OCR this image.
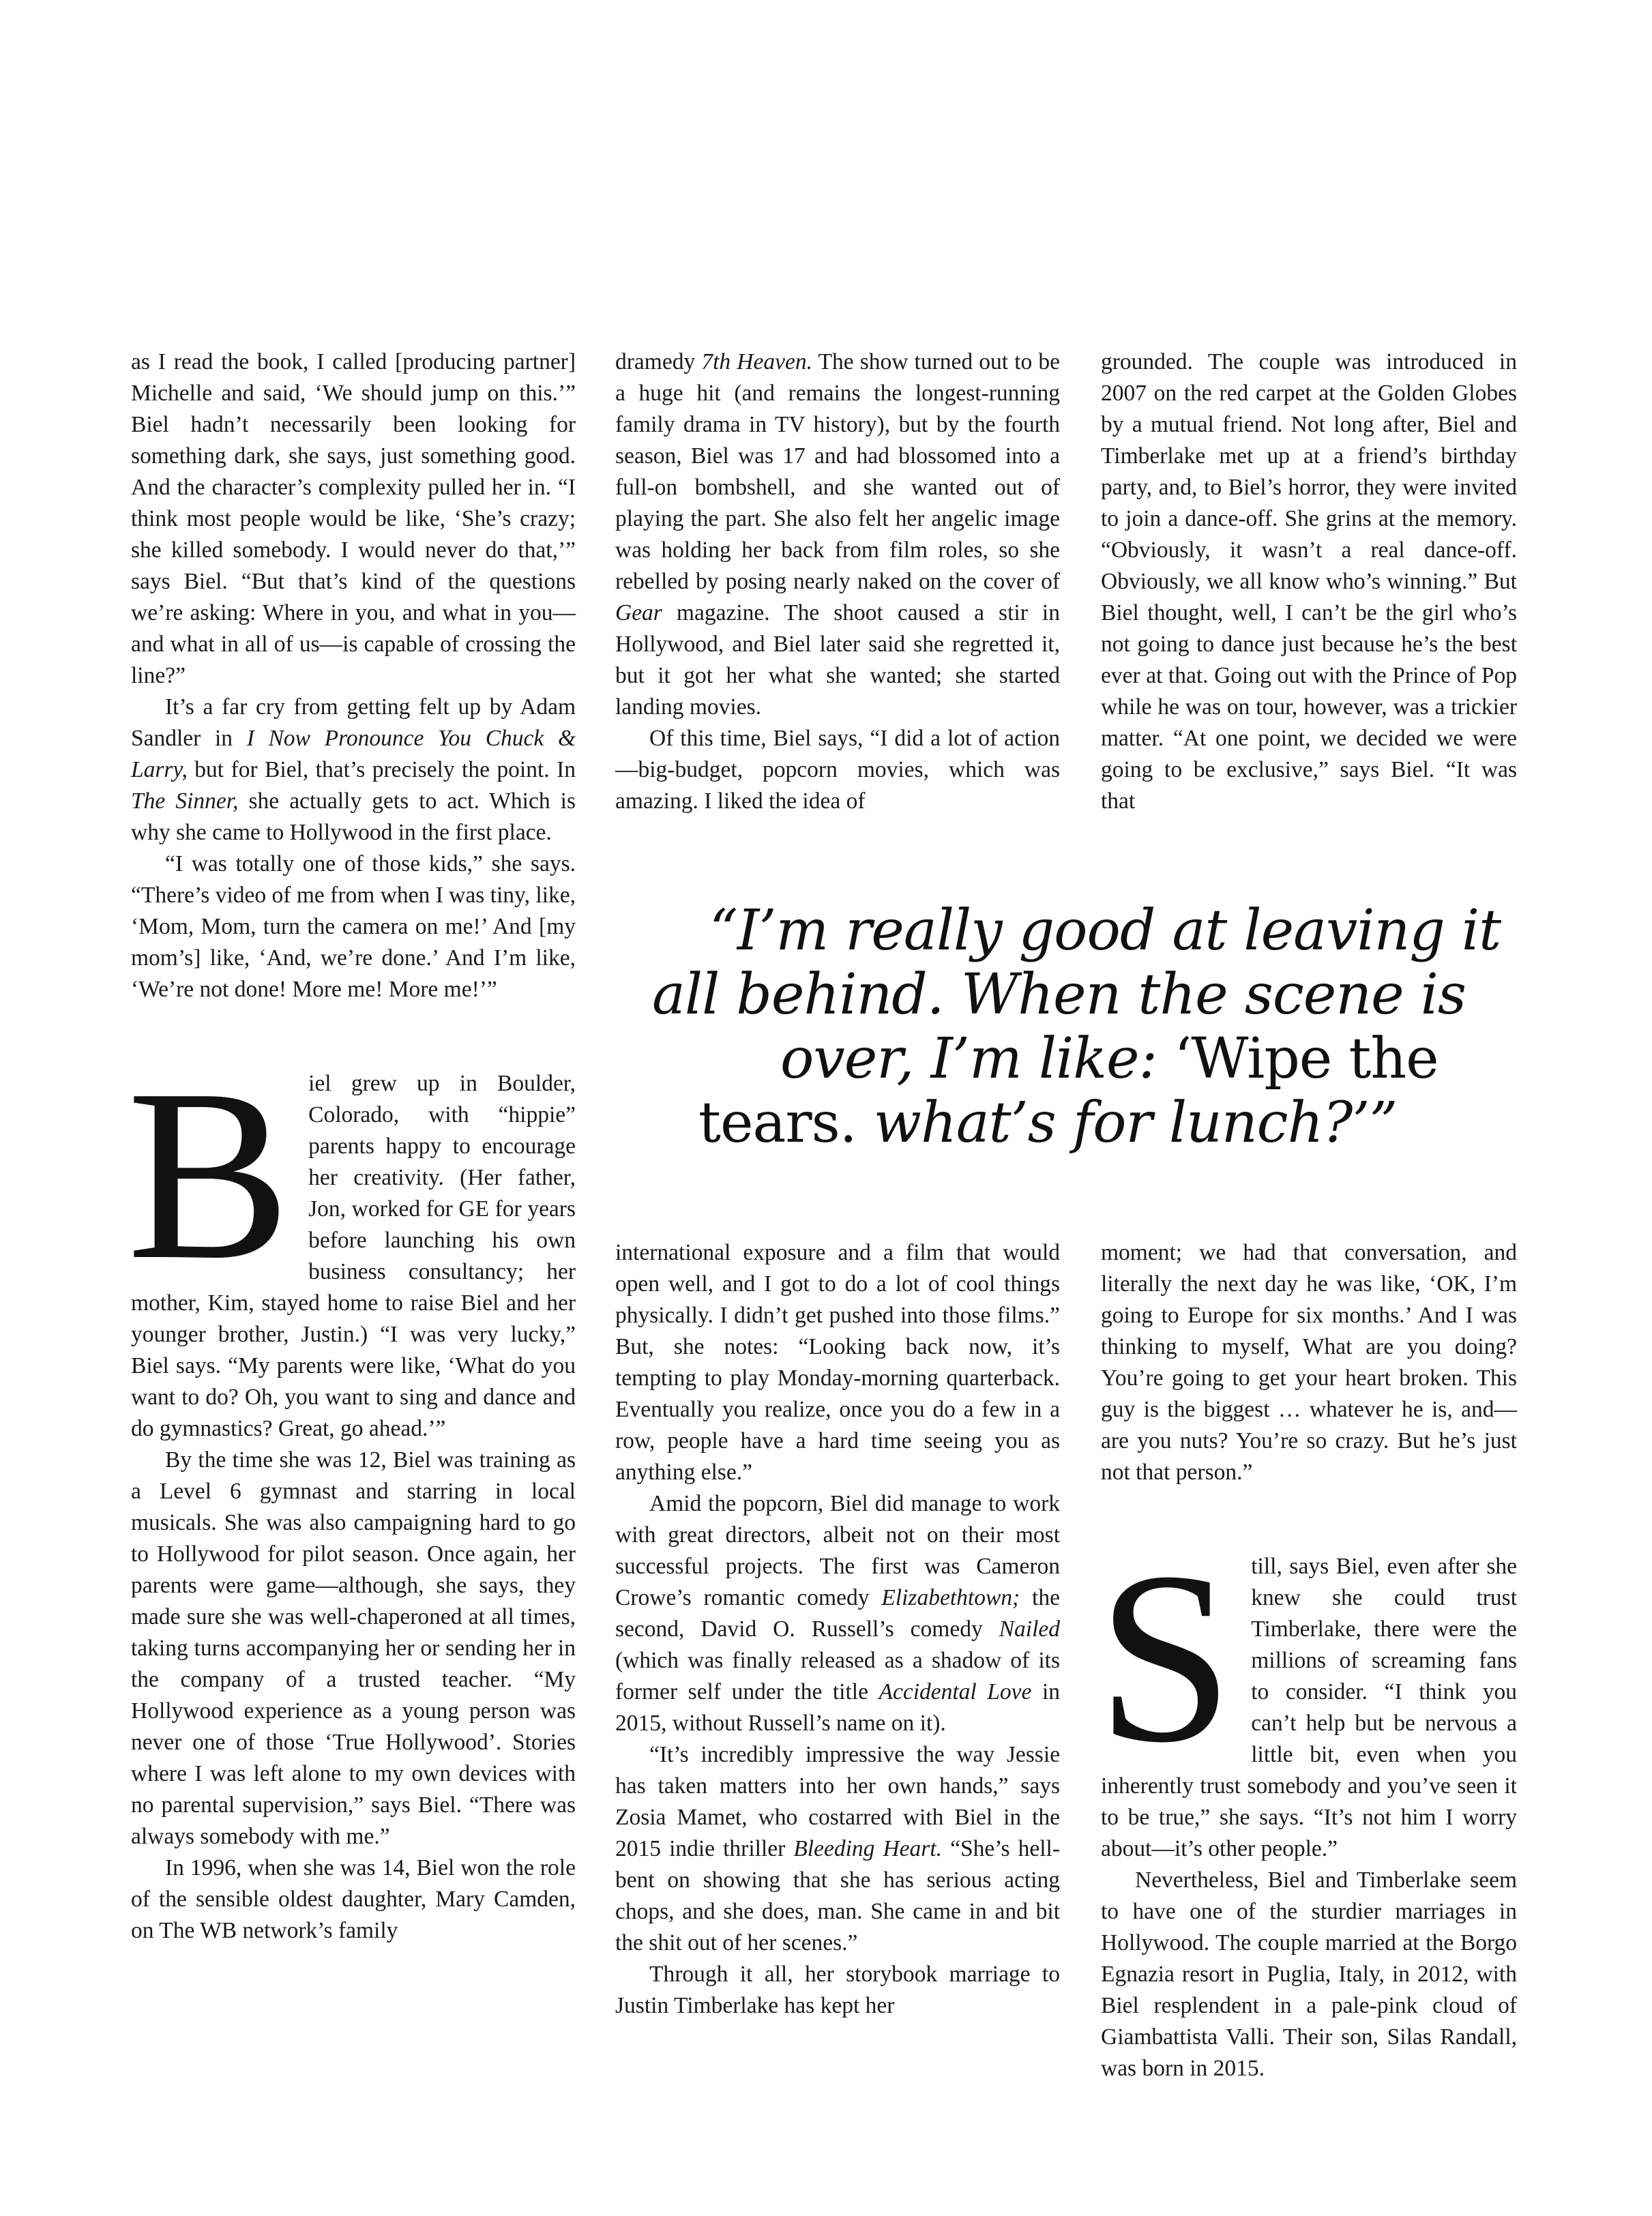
as I read the book, I called [producing partner] Michelle and said, ‘We should jump on this.’” Biel hadn’t necessarily been looking for something dark, she says, just something good. And the character’s complexity pulled her in. “I think most people would be like, ‘She’s crazy; she killed somebody. I would never do that,’” says Biel. “But that’s kind of the questions we’re asking: Where in you, and what in you—and what in all of us—is capable of crossing the line?”

It’s a far cry from getting felt up by Adam Sandler in I Now Pronounce You Chuck & Larry, but for Biel, that’s precisely the point. In The Sinner, she actually gets to act. Which is why she came to Hollywood in the first place.

“I was totally one of those kids,” she says. “There’s video of me from when I was tiny, like, ‘Mom, Mom, turn the camera on me!’ And [my mom’s] like, ‘And, we’re done.’ And I’m like, ‘We’re not done! More me! More me!’”

Biel grew up in Boulder, Colorado, with “hippie” parents happy to encourage her creativity. (Her father, Jon, worked for GE for years before launching his own business consultancy; her mother, Kim, stayed home to raise Biel and her younger brother, Justin.) “I was very lucky,” Biel says. “My parents were like, ‘What do you want to do? Oh, you want to sing and dance and do gymnastics? Great, go ahead.’”

By the time she was 12, Biel was training as a Level 6 gymnast and starring in local musicals. She was also campaigning hard to go to Hollywood for pilot season. Once again, her parents were game—although, she says, they made sure she was well-chaperoned at all times, taking turns accompanying her or sending her in the company of a trusted teacher. “My Hollywood experience as a young person was never one of those ‘True Hollywood’. Stories where I was left alone to my own devices with no parental supervision,” says Biel. “There was always somebody with me.”

In 1996, when she was 14, Biel won the role of the sensible oldest daughter, Mary Camden, on The WB network’s family

dramedy 7th Heaven. The show turned out to be a huge hit (and remains the longest-running family drama in TV history), but by the fourth season, Biel was 17 and had blossomed into a full-on bombshell, and she wanted out of playing the part. She also felt her angelic image was holding her back from film roles, so she rebelled by posing nearly naked on the cover of Gear magazine. The shoot caused a stir in Hollywood, and Biel later said she regretted it, but it got her what she wanted; she started landing movies.

Of this time, Biel says, “I did a lot of action—big-budget, popcorn movies, which was amazing. I liked the idea of

grounded. The couple was introduced in 2007 on the red carpet at the Golden Globes by a mutual friend. Not long after, Biel and Timberlake met up at a friend’s birthday party, and, to Biel’s horror, they were invited to join a dance-off. She grins at the memory. “Obviously, it wasn’t a real dance-off. Obviously, we all know who’s winning.” But Biel thought, well, I can’t be the girl who’s not going to dance just because he’s the best ever at that. Going out with the Prince of Pop while he was on tour, however, was a trickier matter. “At one point, we decided we were going to be exclusive,” says Biel. “It was that

“I’m really good at leaving it
all behind. When the scene is
over, I’m like: ‘Wipe the
tears. what’s for lunch?’”

international exposure and a film that would open well, and I got to do a lot of cool things physically. I didn’t get pushed into those films.” But, she notes: “Looking back now, it’s tempting to play Monday-morning quarterback. Eventually you realize, once you do a few in a row, people have a hard time seeing you as anything else.”

Amid the popcorn, Biel did manage to work with great directors, albeit not on their most successful projects. The first was Cameron Crowe’s romantic comedy Elizabethtown; the second, David O. Russell’s comedy Nailed (which was finally released as a shadow of its former self under the title Accidental Love in 2015, without Russell’s name on it).

“It’s incredibly impressive the way Jessie has taken matters into her own hands,” says Zosia Mamet, who costarred with Biel in the 2015 indie thriller Bleeding Heart. “She’s hell-bent on showing that she has serious acting chops, and she does, man. She came in and bit the shit out of her scenes.”

Through it all, her storybook marriage to Justin Timberlake has kept her

moment; we had that conversation, and literally the next day he was like, ‘OK, I’m going to Europe for six months.’ And I was thinking to myself, What are you doing? You’re going to get your heart broken. This guy is the biggest … whatever he is, and—are you nuts? You’re so crazy. But he’s just not that person.”

Still, says Biel, even after she knew she could trust Timberlake, there were the millions of screaming fans to consider. “I think you can’t help but be nervous a little bit, even when you inherently trust somebody and you’ve seen it to be true,” she says. “It’s not him I worry about—it’s other people.”

Nevertheless, Biel and Timberlake seem to have one of the sturdier marriages in Hollywood. The couple married at the Borgo Egnazia resort in Puglia, Italy, in 2012, with Biel resplendent in a pale-pink cloud of Giambattista Valli. Their son, Silas Randall, was born in 2015.
